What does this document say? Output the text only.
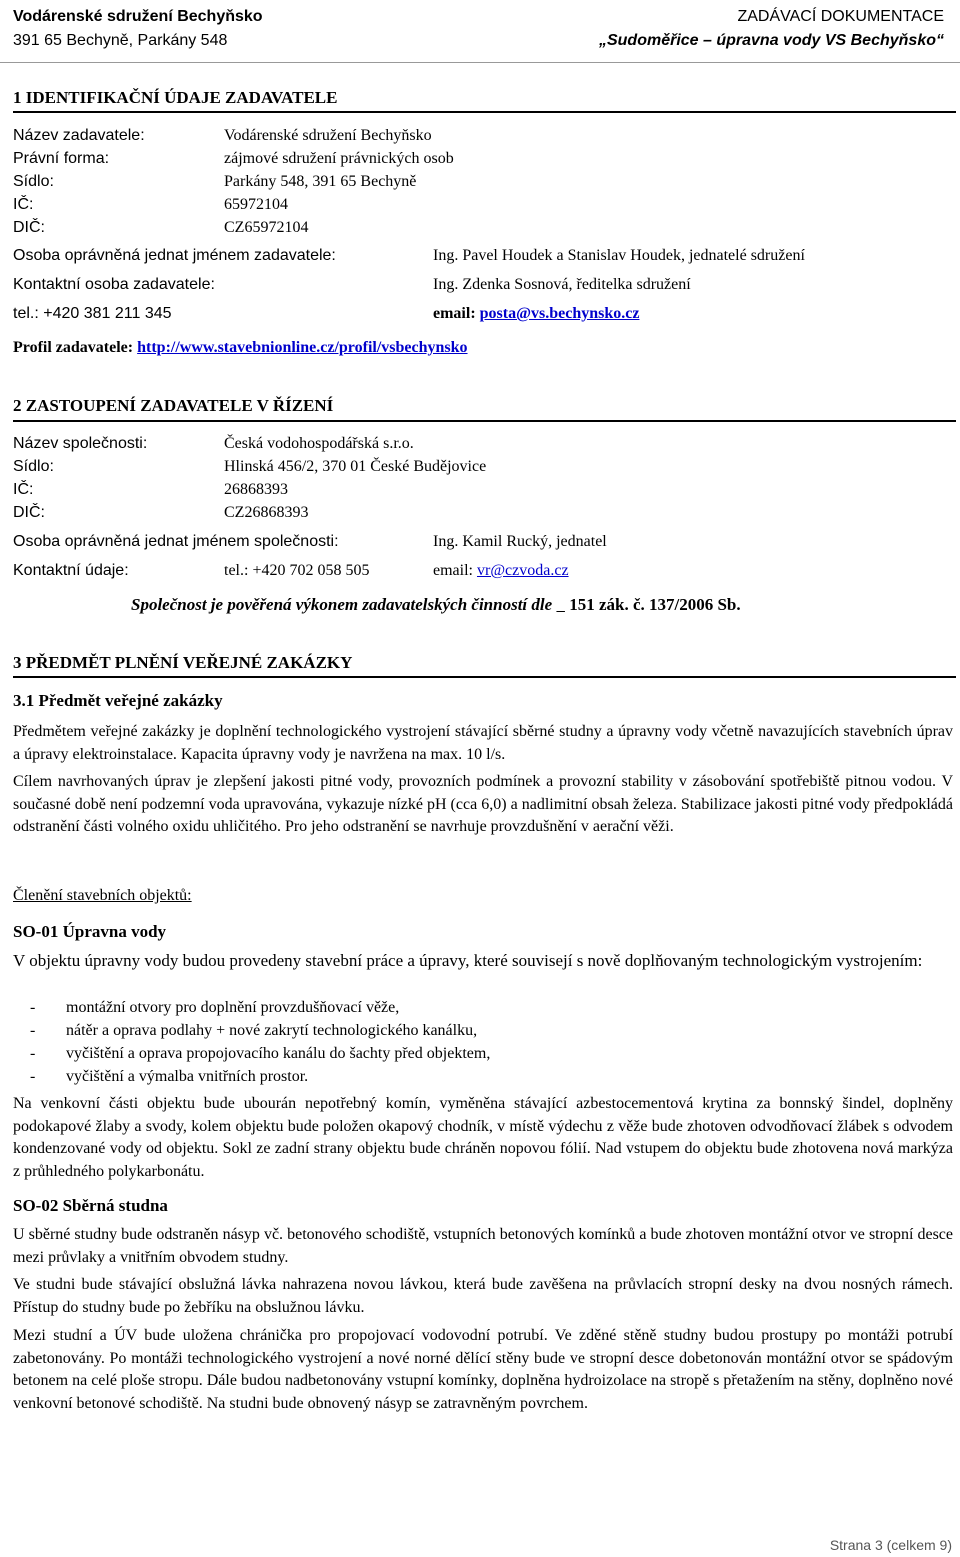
Vodárenské sdružení Bechyňsko
391 65 Bechyně, Parkány 548
ZADÁVACÍ DOKUMENTACE
„Sudoměřice – úpravna vody VS Bechyňsko“
1 IDENTIFIKAČNÍ ÚDAJE ZADAVATELE
Název zadavatele:	Vodárenské sdružení Bechyňsko
Právní forma:	zájmové sdružení právnických osob
Sídlo:	Parkány 548, 391 65 Bechyně
IČ:	65972104
DIČ:	CZ65972104
Osoba oprávněná jednat jménem zadavatele:	Ing. Pavel Houdek a Stanislav Houdek, jednatelé sdružení
Kontaktní osoba zadavatele:	Ing. Zdenka Sosnová, ředitelka sdružení
tel.: +420 381 211 345	email: posta@vs.bechynsko.cz
Profil zadavatele: http://www.stavebnionline.cz/profil/vsbechynsko
2 ZASTOUPENÍ ZADAVATELE V ŘÍZENÍ
Název společnosti:	Česká vodohospodářská s.r.o.
Sídlo:	Hlinská 456/2, 370 01 České Budějovice
IČ:	26868393
DIČ:	CZ26868393
Osoba oprávněná jednat jménem společnosti:	Ing. Kamil Rucký, jednatel
Kontaktní údaje:	tel.: +420 702 058 505	email: vr@czvoda.cz
Společnost je pověřená výkonem zadavatelských činností dle    151 zák. č. 137/2006 Sb.
3 PŘEDMĚT PLNĚNÍ VEŘEJNÉ ZAKÁZKY
3.1 Předmět veřejné zakázky
Předmětem veřejné zakázky je doplnění technologického vystrojení stávající sběrné studny a úpravny vody včetně navazujících stavebních úprav a úpravy elektroinstalace. Kapacita úpravny vody je navržena na max. 10 l/s.
Cílem navrhovaných úprav je zlepšení jakosti pitné vody, provozních podmínek a provozní stability v zásobování spotřebiště pitnou vodou. V současné době není podzemní voda upravována, vykazuje nízké pH (cca 6,0) a nadlimitní obsah železa. Stabilizace jakosti pitné vody předpokládá odstranění části volného oxidu uhličitého. Pro jeho odstranění se navrhuje provzdušnění v aerační věži.
Členění stavebních objektů:
SO-01 Úpravna vody
V objektu úpravny vody budou provedeny stavební práce a úpravy, které souvisejí s nově doplňovaným technologickým vystrojením:
- montážní otvory pro doplnění provzdušňovací věže,
- nátěr a oprava podlahy + nové zakrytí technologického kanálku,
- vyčištění a oprava propojovacího kanálu do šachty před objektem,
- vyčištění a výmalba vnitřních prostor.
Na venkovní části objektu bude ubourán nepotřebný komín, vyměněna stávající azbestocementová krytina za bonnský šindel, doplněny podokapové žlaby a svody, kolem objektu bude položen okapový chodník, v místě výdechu z věže bude zhotoven odvodňovací žlábek s odvodem kondenzované vody od objektu. Sokl ze zadní strany objektu bude chráněn nopovou fólií. Nad vstupem do objektu bude zhotovena nová markýza z průhledného polykarbonátu.
SO-02 Sběrná studna
U sběrné studny bude odstraněn násyp vč. betonového schodiště, vstupních betonových komínků a bude zhotoven montážní otvor ve stropní desce mezi průvlaky a vnitřním obvodem studny.
Ve studni bude stávající obslužná lávka nahrazena novou lávkou, která bude zavěšena na průvlacích stropní desky na dvou nosných rámech. Přístup do studny bude po žebříku na obslužnou lávku.
Mezi studní a ÚV bude uložena chránička pro propojovací vodovodní potrubí. Ve zděné stěně studny budou prostupy po montáži potrubí zabetonovány. Po montáži technologického vystrojení a nové norné dělící stěny bude ve stropní desce dobetonován montážní otvor se spádovým betonem na celé ploše stropu. Dále budou nadbetonovány vstupní komínky, doplněna hydroizolace na stropě s přetažením na stěny, doplněno nové venkovní betonové schodiště. Na studni bude obnovený násyp se zatravněným povrchem.
Strana 3 (celkem 9)
